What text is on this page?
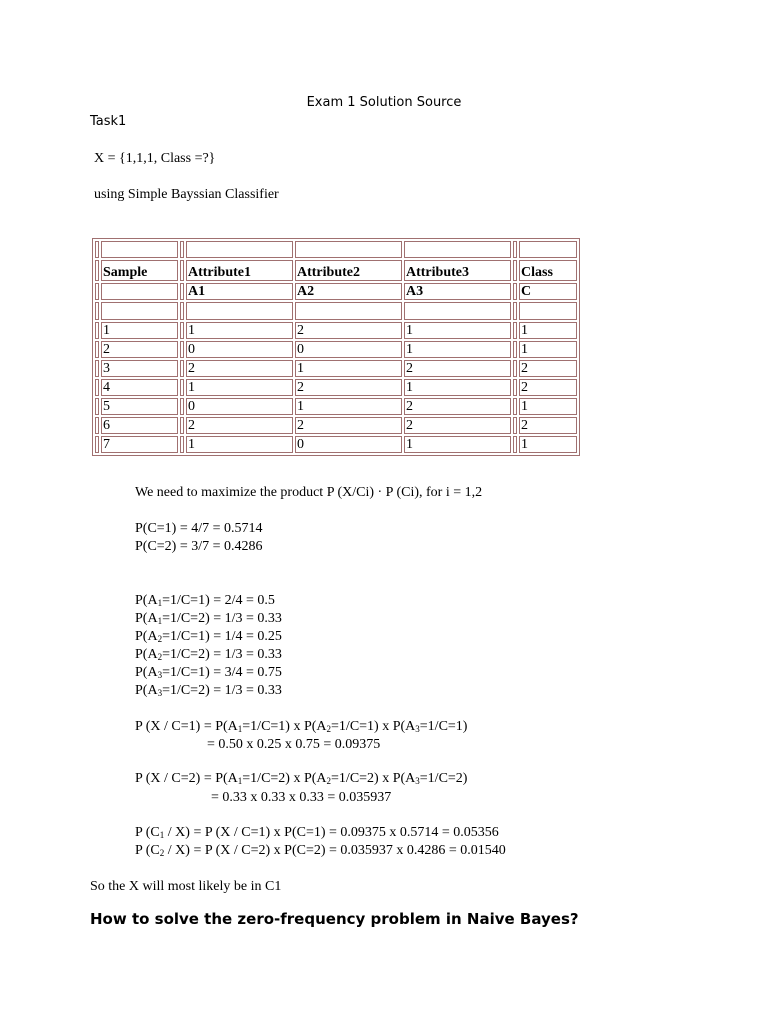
Exam 1 Solution Source
Task1
X = {1,1,1, Class =?}
using Simple Bayssian Classifier

	Sample		Attribute1	Attribute2	Attribute3		Class
			A1	A2	A3		C

	1		1	2	1		1
	2		0	0	1		1
	3		2	1	2		2
	4		1	2	1		2
	5		0	1	2		1
	6		2	2	2		2
	7		1	0	1		1
We need to maximize the product P (X/Ci) · P (Ci), for i = 1,2
P(C=1) = 4/7 = 0.5714
P(C=2) = 3/7 = 0.4286
$P(A_1=1/C=1) = 2/4 = 0.5$
$P(A_1=1/C=2) = 1/3 = 0.33$
$P(A_2=1/C=1) = 1/4 = 0.25$
$P(A_2=1/C=2) = 1/3 = 0.33$
$P(A_3=1/C=1) = 3/4 = 0.75$
$P(A_3=1/C=2) = 1/3 = 0.33$
P $(X / C=1) = P(A_1=1/C=1)$ x $P(A_2=1/C=1)$ x $P(A_3=1/C=1)$
= 0.50 x 0.25 x 0.75 = 0.09375
P $(X / C=2) = P(A_1=1/C=2)$ x $P(A_2=1/C=2)$ x $P(A_3=1/C=2)$
= 0.33 x 0.33 x 0.33 = 0.035937
P $(C_1 / X) = P$ (X / C=1) x P(C=1) = 0.09375 x 0.5714 = 0.05356
P $(C_2 / X) = P$ (X / C=2) x P(C=2) = 0.035937 x 0.4286 = 0.01540
So the X will most likely be in C1
How to solve the zero-frequency problem in Naive Bayes?
